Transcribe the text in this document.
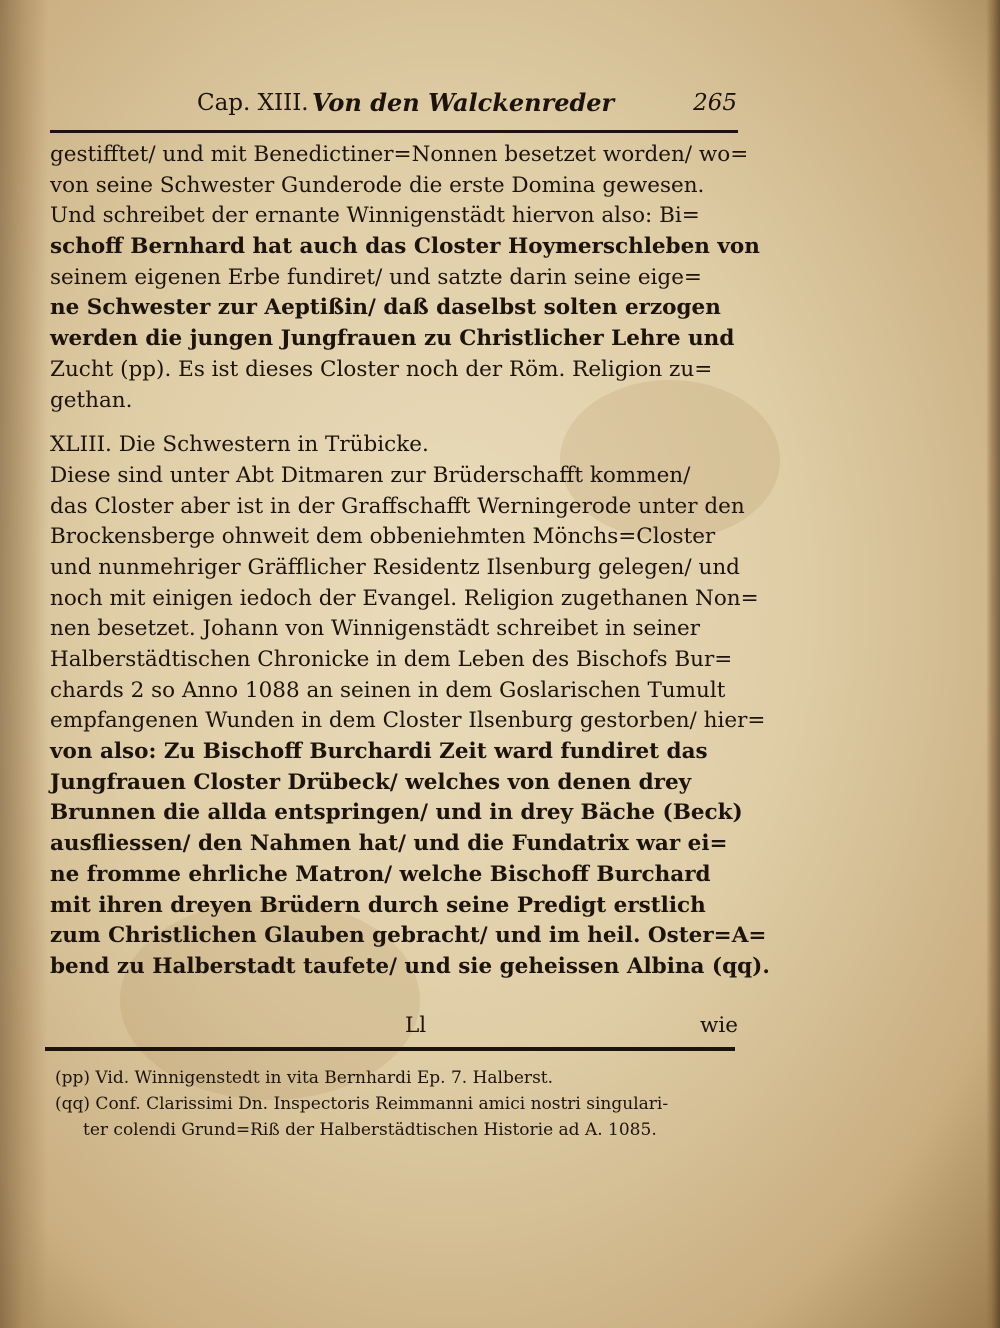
Cap. XIII. Von den Walckenreder	265
gestifftet/ und mit Benedictiner=Nonnen besetzet worden/ wo=
von seine Schwester Gunderode die erste Domina gewesen.
Und schreibet der ernante Winnigenstädt hiervon also: Bi=
schoff Bernhard hat auch das Closter Hoymerschleben von
seinem eigenen Erbe fundiret/ und satzte darin seine eige=
ne Schwester zur Aeptißin/ daß daselbst solten erzogen
werden die jungen Jungfrauen zu Christlicher Lehre und
Zucht (pp). Es ist dieses Closter noch der Röm. Religion zu=
gethan.
XLIII. Die Schwestern in Trübicke.
Diese sind unter Abt Ditmaren zur Brüderschafft kommen/
das Closter aber ist in der Graffschafft Werningerode unter den
Brockensberge ohnweit dem obbeniehmten Mönchs=Closter
und nunmehriger Gräfflicher Residentz Ilsenburg gelegen/ und
noch mit einigen iedoch der Evangel. Religion zugethanen Non=
nen besetzet. Johann von Winnigenstädt schreibet in seiner
Halberstädtischen Chronicke in dem Leben des Bischofs Bur=
chards 2 so Anno 1088 an seinen in dem Goslarischen Tumult
empfangenen Wunden in dem Closter Ilsenburg gestorben/ hier=
von also: Zu Bischoff Burchardi Zeit ward fundiret das
Jungfrauen Closter Drübeck/ welches von denen drey
Brunnen die allda entspringen/ und in drey Bäche (Beck)
ausfliessen/ den Nahmen hat/ und die Fundatrix war ei=
ne fromme ehrliche Matron/ welche Bischoff Burchard
mit ihren dreyen Brüdern durch seine Predigt erstlich
zum Christlichen Glauben gebracht/ und im heil. Oster=A=
bend zu Halberstadt taufete/ und sie geheissen Albina (qq).
Ll	wie
(pp) Vid. Winnigenstedt in vita Bernhardi Ep. 7. Halberst.
(qq) Conf. Clarissimi Dn. Inspectoris Reimmanni amici nostri singulari-
ter colendi Grund=Riß der Halberstädtischen Historie ad A. 1085.
